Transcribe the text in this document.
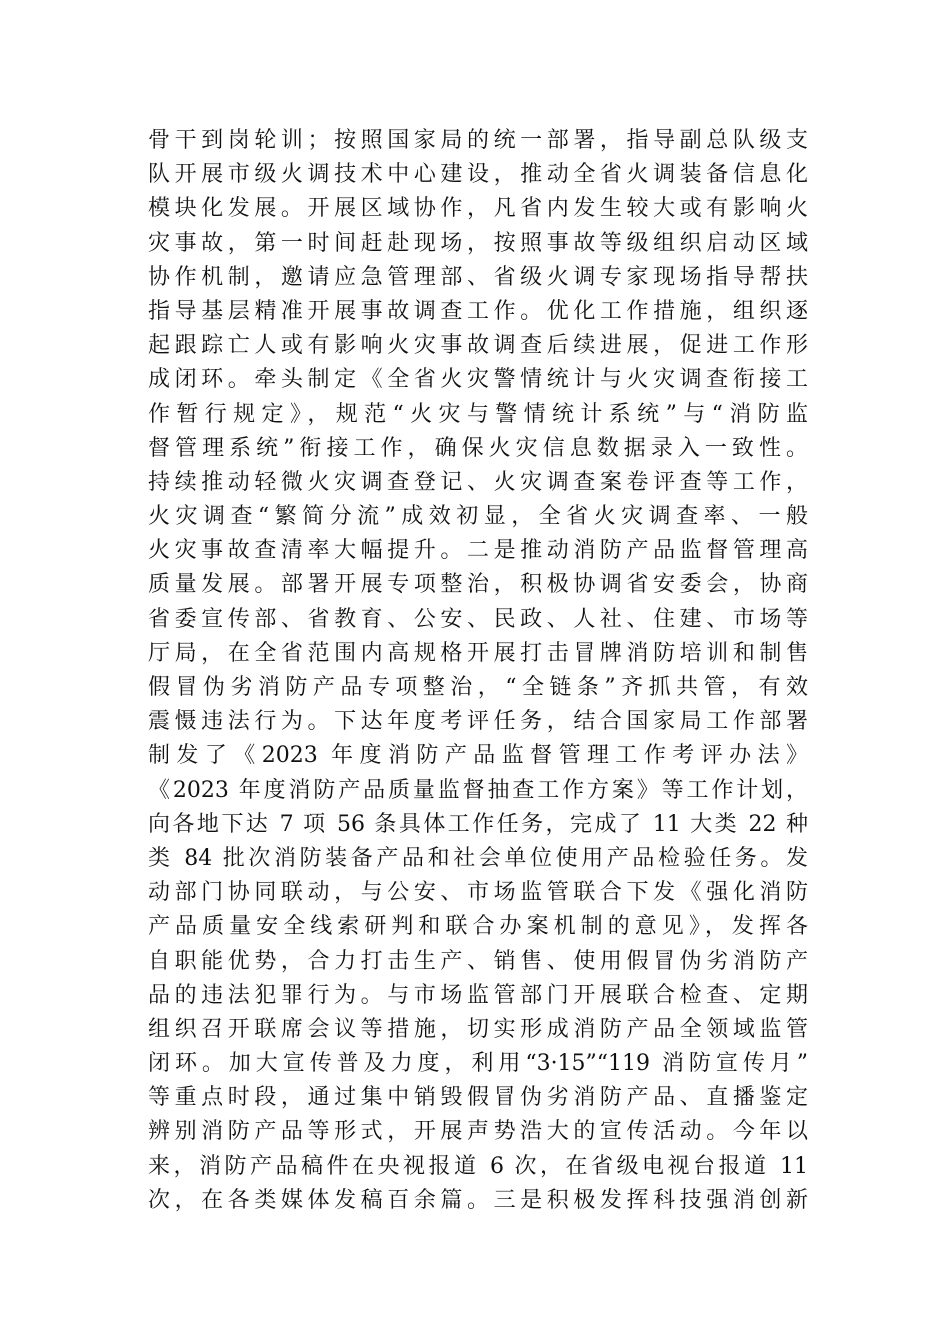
骨干到岗轮训；按照国家局的统一部署，指导副总队级支
队开展市级火调技术中心建设，推动全省火调装备信息化
模块化发展。开展区域协作，凡省内发生较大或有影响火
灾事故，第一时间赶赴现场，按照事故等级组织启动区域
协作机制，邀请应急管理部、省级火调专家现场指导帮扶
指导基层精准开展事故调查工作。优化工作措施，组织逐
起跟踪亡人或有影响火灾事故调查后续进展，促进工作形
成闭环。牵头制定《全省火灾警情统计与火灾调查衔接工
作暂行规定》，规范“火灾与警情统计系统”与“消防监
督管理系统”衔接工作，确保火灾信息数据录入一致性。
持续推动轻微火灾调查登记、火灾调查案卷评查等工作，
火灾调查“繁简分流”成效初显，全省火灾调查率、一般
火灾事故查清率大幅提升。二是推动消防产品监督管理高
质量发展。部署开展专项整治，积极协调省安委会，协商
省委宣传部、省教育、公安、民政、人社、住建、市场等
厅局，在全省范围内高规格开展打击冒牌消防培训和制售
假冒伪劣消防产品专项整治，“全链条”齐抓共管，有效
震慑违法行为。下达年度考评任务，结合国家局工作部署
制发了《2023 年度消防产品监督管理工作考评办法》
《2023 年度消防产品质量监督抽查工作方案》等工作计划，
向各地下达 7 项 56 条具体工作任务，完成了 11 大类 22 种
类 84 批次消防装备产品和社会单位使用产品检验任务。发
动部门协同联动，与公安、市场监管联合下发《强化消防
产品质量安全线索研判和联合办案机制的意见》，发挥各
自职能优势，合力打击生产、销售、使用假冒伪劣消防产
品的违法犯罪行为。与市场监管部门开展联合检查、定期
组织召开联席会议等措施，切实形成消防产品全领域监管
闭环。加大宣传普及力度，利用“3·15”“119 消防宣传月”
等重点时段，通过集中销毁假冒伪劣消防产品、直播鉴定
辨别消防产品等形式，开展声势浩大的宣传活动。今年以
来，消防产品稿件在央视报道 6 次，在省级电视台报道 11
次，在各类媒体发稿百余篇。三是积极发挥科技强消创新
